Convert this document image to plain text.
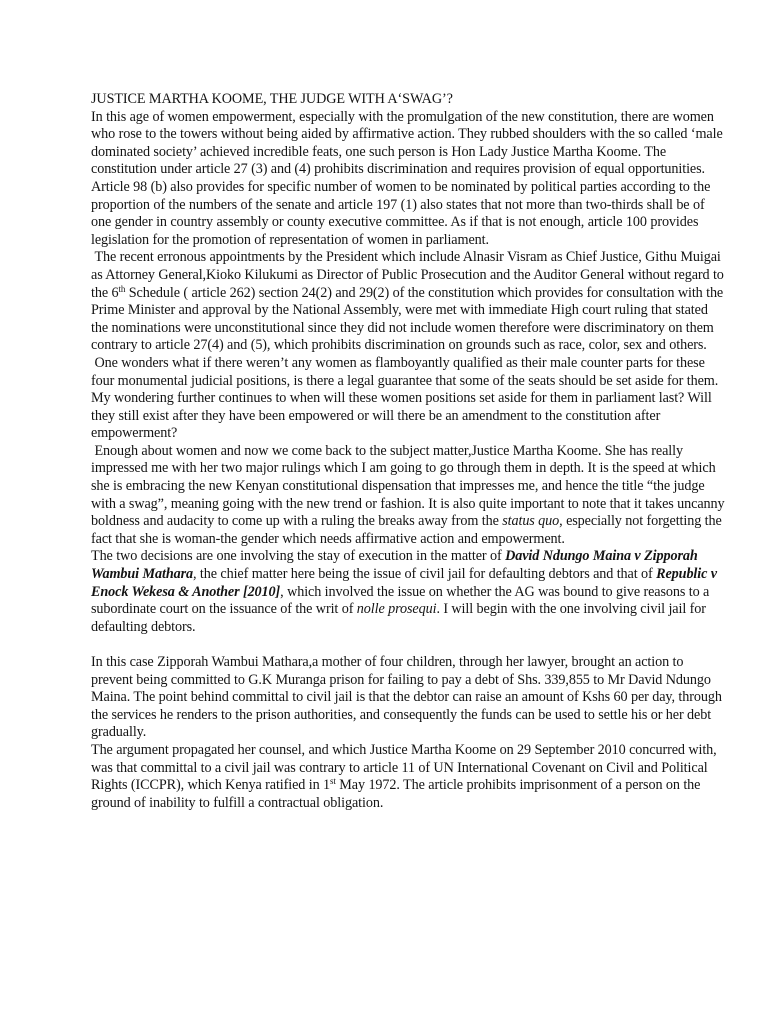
JUSTICE MARTHA KOOME, THE JUDGE WITH A‘SWAG’?

In this age of women empowerment, especially with the promulgation of the new constitution, there are women who rose to the towers without being aided by affirmative action. They rubbed shoulders with the so called ‘male dominated society’ achieved incredible feats, one such person is Hon Lady Justice Martha Koome. The constitution under article 27 (3) and (4) prohibits discrimination and requires provision of equal opportunities. Article 98 (b) also provides for specific number of women to be nominated by political parties according to the proportion of the numbers of the senate and article 197 (1) also states that not more than two-thirds shall be of one gender in country assembly or county executive committee. As if that is not enough, article 100 provides legislation for the promotion of representation of women in parliament.

The recent erronous appointments by the President which include Alnasir Visram as Chief Justice, Githu Muigai as Attorney General,Kioko Kilukumi as Director of Public Prosecution and the Auditor General without regard to the 6th Schedule ( article 262) section 24(2) and 29(2) of the constitution which provides for consultation with the Prime Minister and approval by the National Assembly, were met with immediate High court ruling that stated the nominations were unconstitutional since they did not include women therefore were discriminatory on them contrary to article 27(4) and (5), which prohibits discrimination on grounds such as race, color, sex and others.

One wonders what if there weren’t any women as flamboyantly qualified as their male counter parts for these four monumental judicial positions, is there a legal guarantee that some of the seats should be set aside for them. My wondering further continues to when will these women positions set aside for them in parliament last? Will they still exist after they have been empowered or will there be an amendment to the constitution after empowerment?

Enough about women and now we come back to the subject matter,Justice Martha Koome. She has really impressed me with her two major rulings which I am going to go through them in depth. It is the speed at which she is embracing the new Kenyan constitutional dispensation that impresses me, and hence the title “the judge with a swag”, meaning going with the new trend or fashion. It is also quite important to note that it takes uncanny boldness and audacity to come up with a ruling the breaks away from the status quo, especially not forgetting the fact that she is woman-the gender which needs affirmative action and empowerment.

The two decisions are one involving the stay of execution in the matter of David Ndungo Maina v Zipporah Wambui Mathara, the chief matter here being the issue of civil jail for defaulting debtors and that of Republic v Enock Wekesa & Another [2010], which involved the issue on whether the AG was bound to give reasons to a subordinate court on the issuance of the writ of nolle prosequi. I will begin with the one involving civil jail for defaulting debtors.

In this case Zipporah Wambui Mathara,a mother of four children, through her lawyer, brought an action to prevent being committed to G.K Muranga prison for failing to pay a debt of Shs. 339,855 to Mr David Ndungo Maina. The point behind committal to civil jail is that the debtor can raise an amount of Kshs 60 per day, through the services he renders to the prison authorities, and consequently the funds can be used to settle his or her debt gradually.

The argument propagated her counsel, and which Justice Martha Koome on 29 September 2010 concurred with, was that committal to a civil jail was contrary to article 11 of UN International Covenant on Civil and Political Rights (ICCPR), which Kenya ratified in 1st May 1972. The article prohibits imprisonment of a person on the ground of inability to fulfill a contractual obligation.
